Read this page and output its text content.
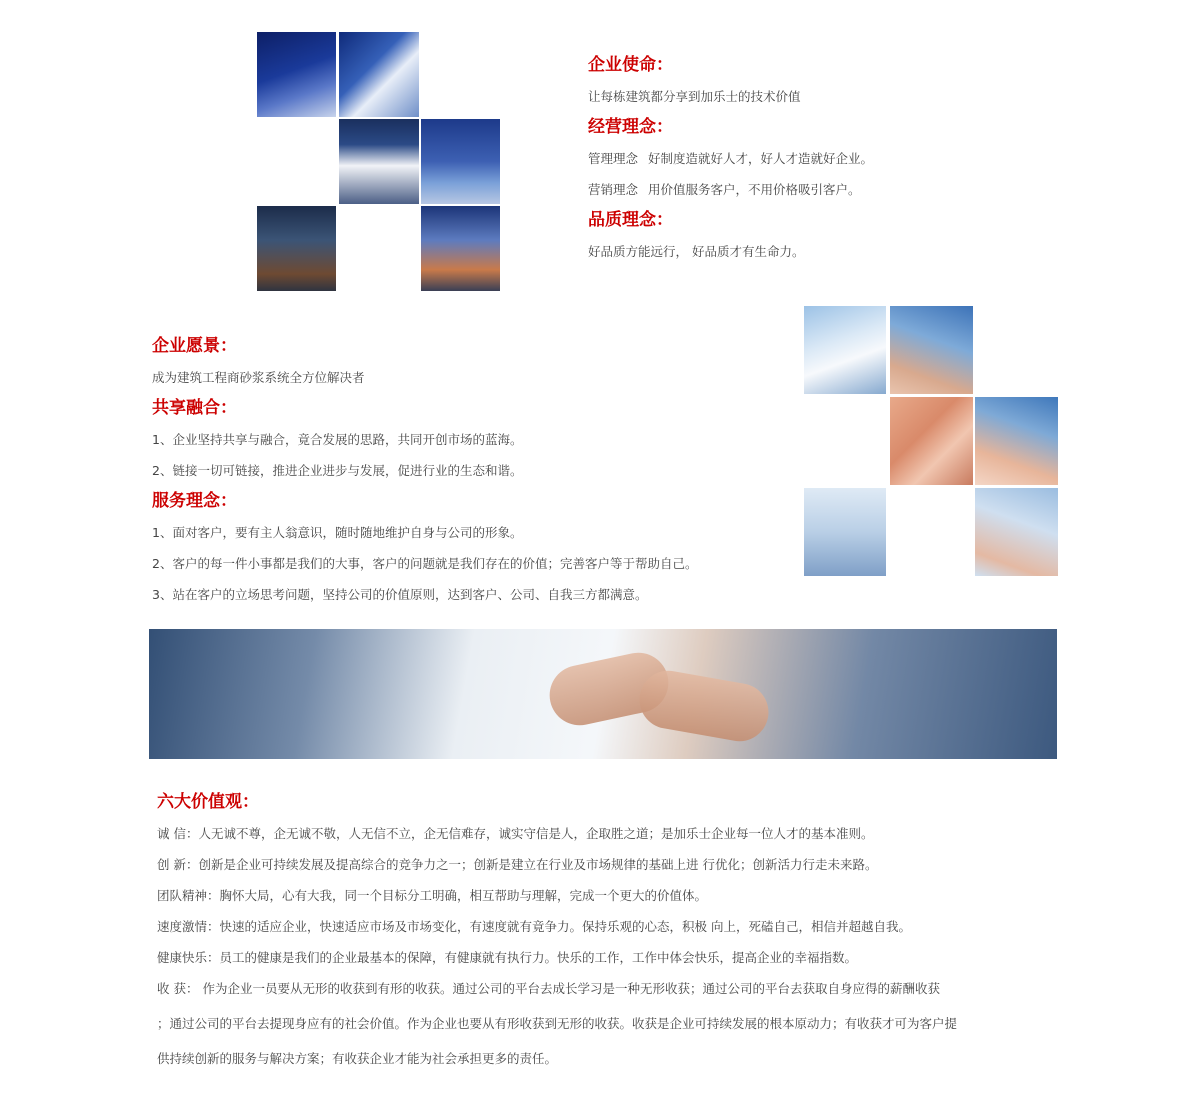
企业使命：

让每栋建筑都分享到加乐士的技术价值

经营理念：

管理理念 好制度造就好人才，好人才造就好企业。

营销理念 用价值服务客户，不用价格吸引客户。

品质理念：

好品质方能远行， 好品质才有生命力。

企业愿景：

成为建筑工程商砂浆系统全方位解决者

共享融合：

1、企业坚持共享与融合，竟合发展的思路，共同开创市场的蓝海。

2、链接一切可链接，推进企业进步与发展，促进行业的生态和谐。

服务理念：

1、面对客户，要有主人翁意识，随时随地维护自身与公司的形象。

2、客户的每一件小事都是我们的大事，客户的问题就是我们存在的价值；完善客户等于帮助自己。

3、站在客户的立场思考问题，坚持公司的价值原则，达到客户、公司、自我三方都满意。

六大价值观：

诚 信：人无诚不尊，企无诚不敬，人无信不立，企无信难存，诚实守信是人，企取胜之道；是加乐士企业每一位人才的基本准则。

创 新：创新是企业可持续发展及提高综合的竞争力之一；创新是建立在行业及市场规律的基础上进 行优化；创新活力行走未来路。

团队精神：胸怀大局，心有大我，同一个目标分工明确，相互帮助与理解，完成一个更大的价值体。

速度激情：快速的适应企业，快速适应市场及市场变化，有速度就有竟争力。保持乐观的心态，积极 向上，死磕自己，相信并超越自我。

健康快乐：员工的健康是我们的企业最基本的保障，有健康就有执行力。快乐的工作，工作中体会快乐，提高企业的幸福指数。

收 获： 作为企业一员要从无形的收获到有形的收获。通过公司的平台去成长学习是一种无形收获；通过公司的平台去获取自身应得的薪酬收获

；通过公司的平台去提现身应有的社会价值。作为企业也要从有形收获到无形的收获。收获是企业可持续发展的根本原动力；有收获才可为客户提

供持续创新的服务与解决方案；有收获企业才能为社会承担更多的责任。
